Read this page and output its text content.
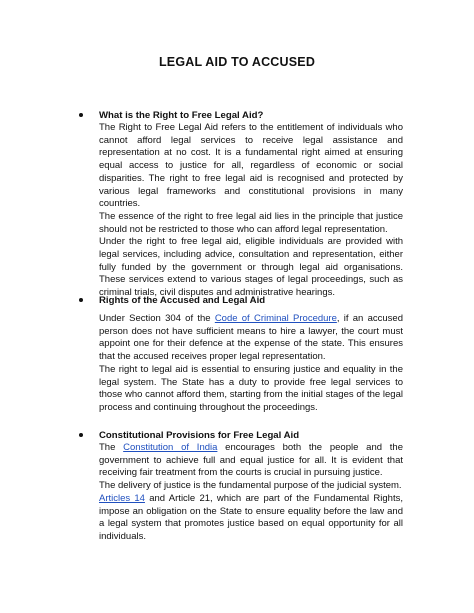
LEGAL AID TO ACCUSED
What is the Right to Free Legal Aid?
The Right to Free Legal Aid refers to the entitlement of individuals who cannot afford legal services to receive legal assistance and representation at no cost. It is a fundamental right aimed at ensuring equal access to justice for all, regardless of economic or social disparities. The right to free legal aid is recognised and protected by various legal frameworks and constitutional provisions in many countries.
The essence of the right to free legal aid lies in the principle that justice should not be restricted to those who can afford legal representation.
Under the right to free legal aid, eligible individuals are provided with legal services, including advice, consultation and representation, either fully funded by the government or through legal aid organisations. These services extend to various stages of legal proceedings, such as criminal trials, civil disputes and administrative hearings.
Rights of the Accused and Legal Aid
Under Section 304 of the Code of Criminal Procedure, if an accused person does not have sufficient means to hire a lawyer, the court must appoint one for their defence at the expense of the state. This ensures that the accused receives proper legal representation.
The right to legal aid is essential to ensuring justice and equality in the legal system. The State has a duty to provide free legal services to those who cannot afford them, starting from the initial stages of the legal process and continuing throughout the proceedings.
Constitutional Provisions for Free Legal Aid
The Constitution of India encourages both the people and the government to achieve full and equal justice for all. It is evident that receiving fair treatment from the courts is crucial in pursuing justice.
The delivery of justice is the fundamental purpose of the judicial system.
Articles 14 and Article 21, which are part of the Fundamental Rights, impose an obligation on the State to ensure equality before the law and a legal system that promotes justice based on equal opportunity for all individuals.
